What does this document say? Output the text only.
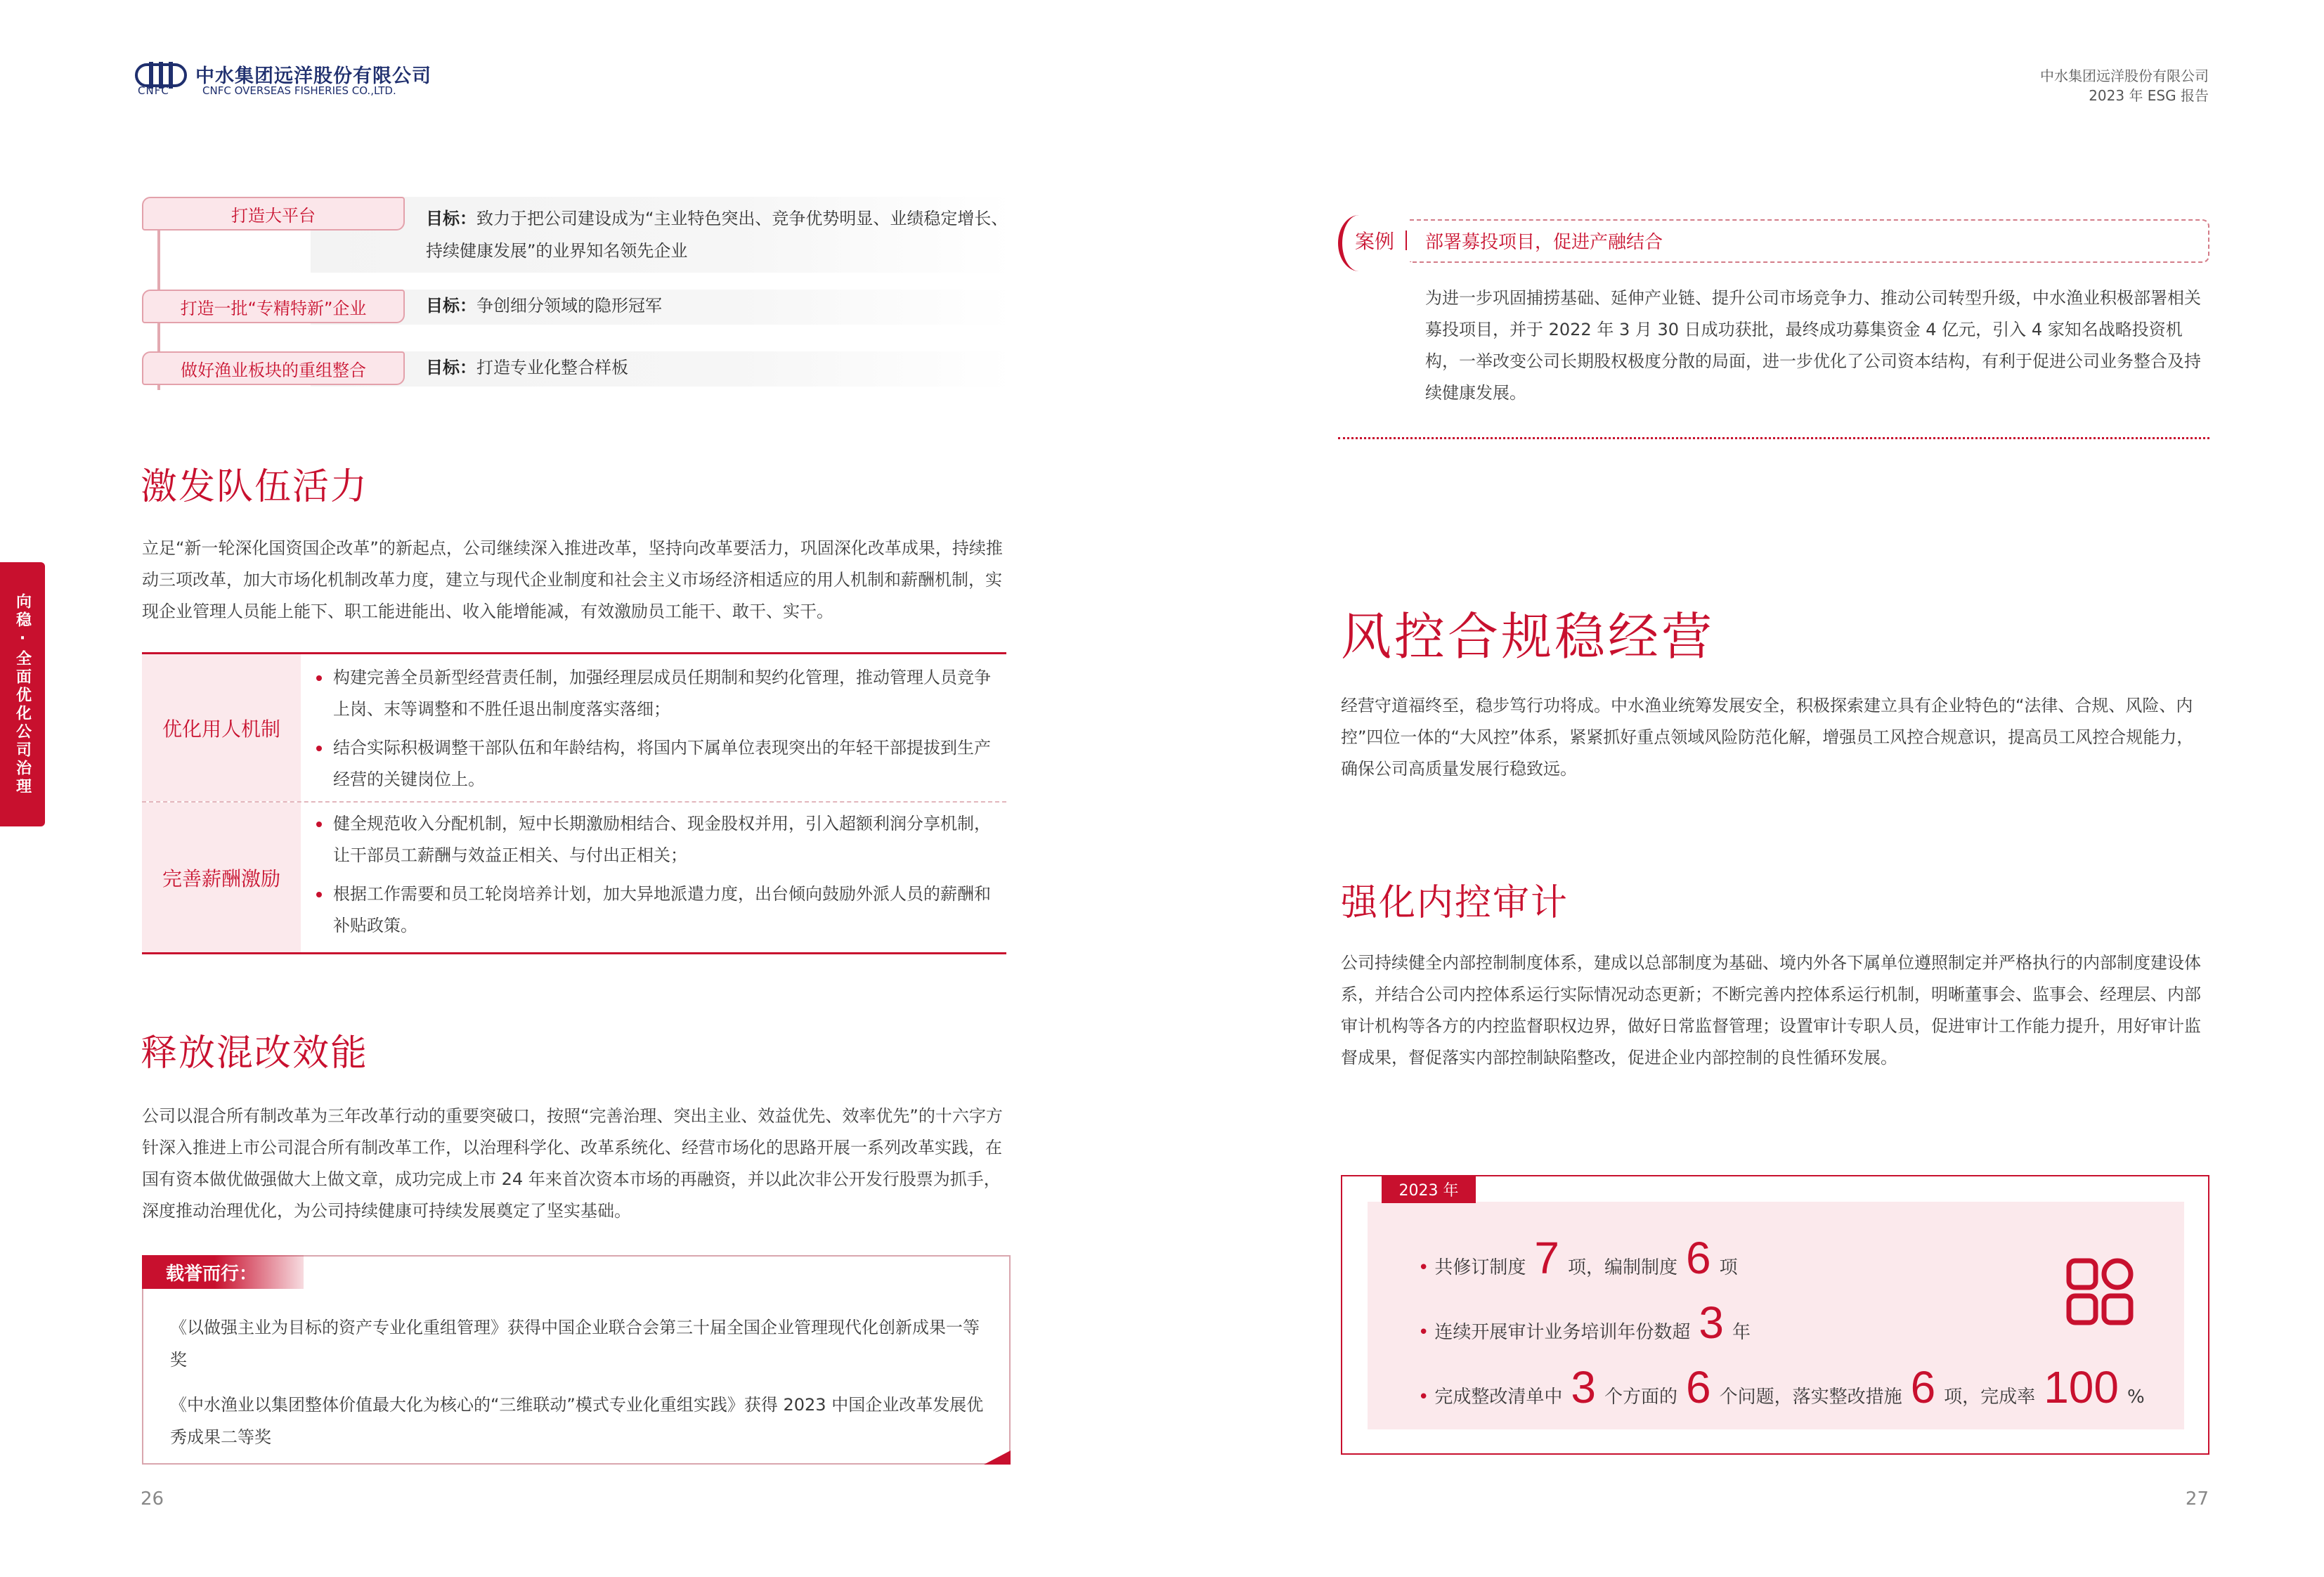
中水集团远洋股份有限公司
CNFC	CNFC OVERSEAS FISHERIES CO.,LTD.
中水集团远洋股份有限公司
2023 年 ESG 报告
向稳·全面优化公司治理
打造大平台	目标：致力于把公司建设成为“主业特色突出、竞争优势明显、业绩稳定增长、持续健康发展”的业界知名领先企业
打造一批“专精特新”企业	目标：争创细分领域的隐形冠军
做好渔业板块的重组整合	目标：打造专业化整合样板
激发队伍活力
立足“新一轮深化国资国企改革”的新起点，公司继续深入推进改革，坚持向改革要活力，巩固深化改革成果，持续推动三项改革，加大市场化机制改革力度，建立与现代企业制度和社会主义市场经济相适应的用人机制和薪酬机制，实现企业管理人员能上能下、职工能进能出、收入能增能减，有效激励员工能干、敢干、实干。
优化用人机制
构建完善全员新型经营责任制，加强经理层成员任期制和契约化管理，推动管理人员竞争上岗、末等调整和不胜任退出制度落实落细；
结合实际积极调整干部队伍和年龄结构，将国内下属单位表现突出的年轻干部提拔到生产经营的关键岗位上。
完善薪酬激励
健全规范收入分配机制，短中长期激励相结合、现金股权并用，引入超额利润分享机制，让干部员工薪酬与效益正相关、与付出正相关；
根据工作需要和员工轮岗培养计划，加大异地派遣力度，出台倾向鼓励外派人员的薪酬和补贴政策。
释放混改效能
公司以混合所有制改革为三年改革行动的重要突破口，按照“完善治理、突出主业、效益优先、效率优先”的十六字方针深入推进上市公司混合所有制改革工作，以治理科学化、改革系统化、经营市场化的思路开展一系列改革实践，在国有资本做优做强做大上做文章，成功完成上市 24 年来首次资本市场的再融资，并以此次非公开发行股票为抓手，深度推动治理优化，为公司持续健康可持续发展奠定了坚实基础。
载誉而行：
《以做强主业为目标的资产专业化重组管理》获得中国企业联合会第三十届全国企业管理现代化创新成果一等奖
《中水渔业以集团整体价值最大化为核心的“三维联动”模式专业化重组实践》获得 2023 中国企业改革发展优秀成果二等奖
案例 部署募投项目，促进产融结合
为进一步巩固捕捞基础、延伸产业链、提升公司市场竞争力、推动公司转型升级，中水渔业积极部署相关募投项目，并于 2022 年 3 月 30 日成功获批，最终成功募集资金 4 亿元，引入 4 家知名战略投资机构，一举改变公司长期股权极度分散的局面，进一步优化了公司资本结构，有利于促进公司业务整合及持续健康发展。
风控合规稳经营
经营守道福终至，稳步笃行功将成。中水渔业统筹发展安全，积极探索建立具有企业特色的“法律、合规、风险、内控”四位一体的“大风控”体系，紧紧抓好重点领域风险防范化解，增强员工风控合规意识，提高员工风控合规能力，确保公司高质量发展行稳致远。
强化内控审计
公司持续健全内部控制制度体系，建成以总部制度为基础、境内外各下属单位遵照制定并严格执行的内部制度建设体系，并结合公司内控体系运行实际情况动态更新；不断完善内控体系运行机制，明晰董事会、监事会、经理层、内部审计机构等各方的内控监督职权边界，做好日常监督管理；设置审计专职人员，促进审计工作能力提升，用好审计监督成果，督促落实内部控制缺陷整改，促进企业内部控制的良性循环发展。
• 共修订制度 7 项，编制制度 6 项
• 连续开展审计业务培训年份数超 3 年
• 完成整改清单中 3 个方面的 6 个问题，落实整改措施 6 项，完成率 100 %
2023 年
26	27
